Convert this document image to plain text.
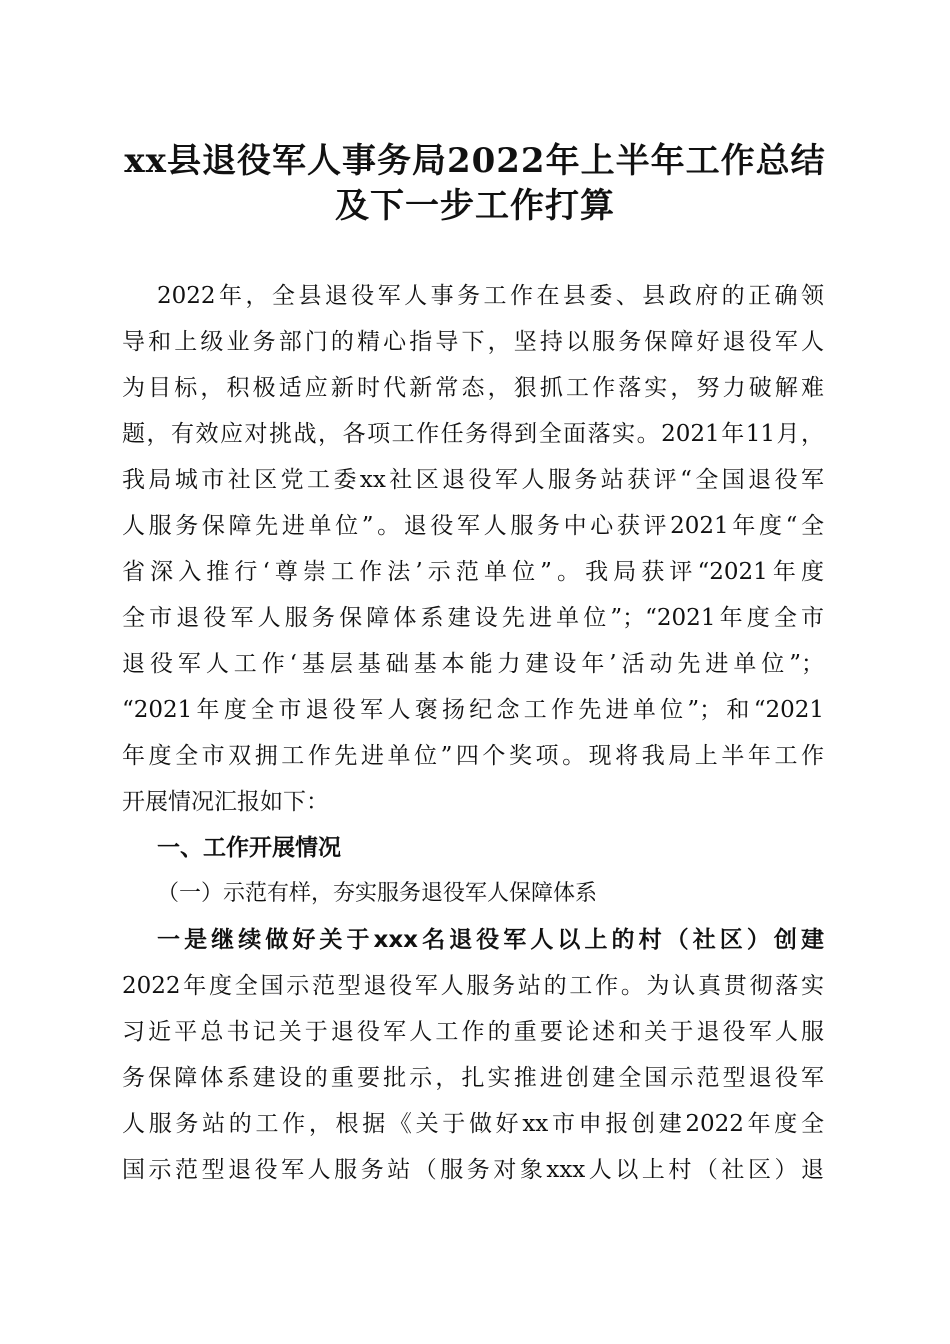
xx县退役军人事务局2022年上半年工作总结
及下一步工作打算
2022年，全县退役军人事务工作在县委、县政府的正确领
导和上级业务部门的精心指导下，坚持以服务保障好退役军人
为目标，积极适应新时代新常态，狠抓工作落实，努力破解难
题，有效应对挑战，各项工作任务得到全面落实。2021年11月，
我局城市社区党工委xx社区退役军人服务站获评“全国退役军
人服务保障先进单位”。退役军人服务中心获评2021年度“全
省深入推行‘尊崇工作法’示范单位”。我局获评“2021年度
全市退役军人服务保障体系建设先进单位”；“2021年度全市
退役军人工作‘基层基础基本能力建设年’活动先进单位”；
“2021年度全市退役军人褒扬纪念工作先进单位”；和“2021
年度全市双拥工作先进单位”四个奖项。现将我局上半年工作
开展情况汇报如下：
一、工作开展情况
（一）示范有样，夯实服务退役军人保障体系
一是继续做好关于xxx名退役军人以上的村（社区）创建
2022年度全国示范型退役军人服务站的工作。为认真贯彻落实
习近平总书记关于退役军人工作的重要论述和关于退役军人服
务保障体系建设的重要批示，扎实推进创建全国示范型退役军
人服务站的工作，根据《关于做好xx市申报创建2022年度全
国示范型退役军人服务站（服务对象xxx人以上村（社区）退
